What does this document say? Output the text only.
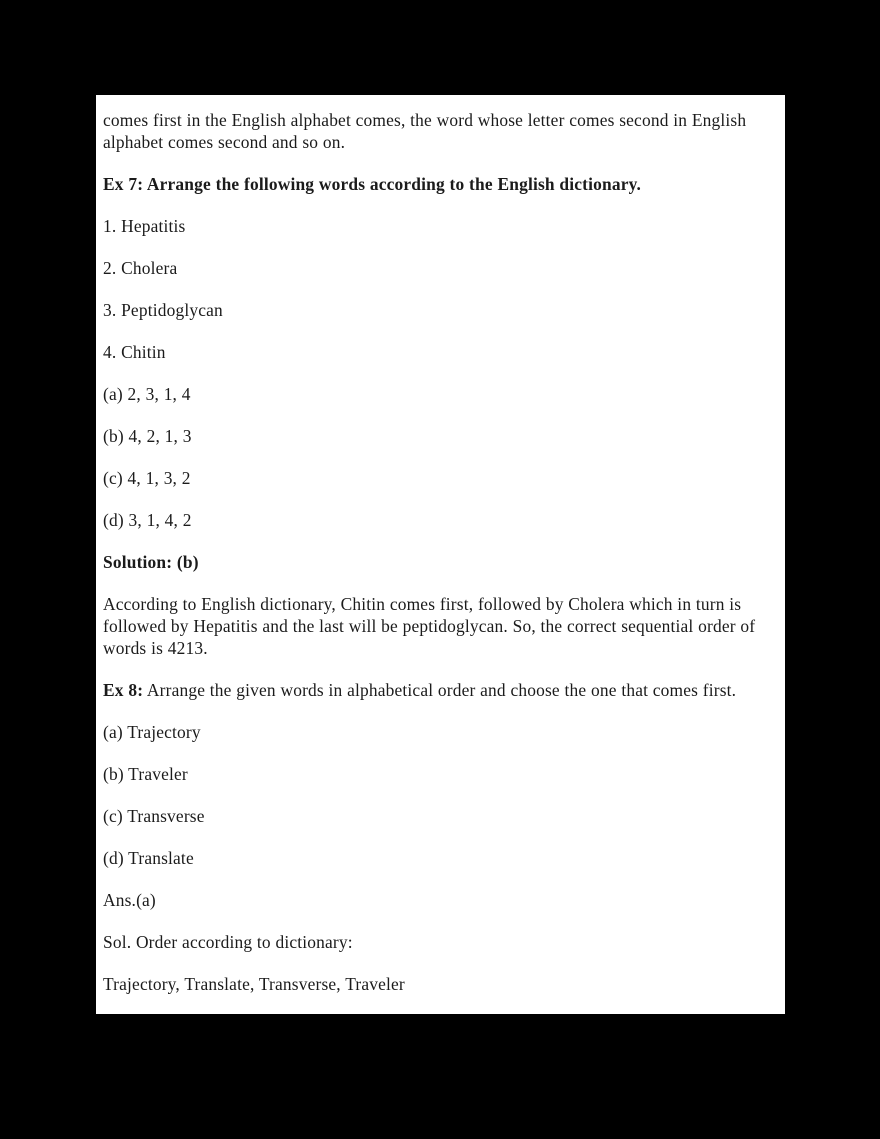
comes first in the English alphabet comes, the word whose letter comes second in English alphabet comes second and so on.

Ex 7: Arrange the following words according to the English dictionary.

1. Hepatitis

2. Cholera

3. Peptidoglycan

4. Chitin

(a) 2, 3, 1, 4

(b) 4, 2, 1, 3

(c) 4, 1, 3, 2

(d) 3, 1, 4, 2

Solution: (b)

According to English dictionary, Chitin comes first, followed by Cholera which in turn is followed by Hepatitis and the last will be peptidoglycan. So, the correct sequential order of words is 4213.

Ex 8: Arrange the given words in alphabetical order and choose the one that comes first.

(a) Trajectory

(b) Traveler

(c) Transverse

(d) Translate

Ans.(a)

Sol. Order according to dictionary:

Trajectory, Translate, Transverse, Traveler
